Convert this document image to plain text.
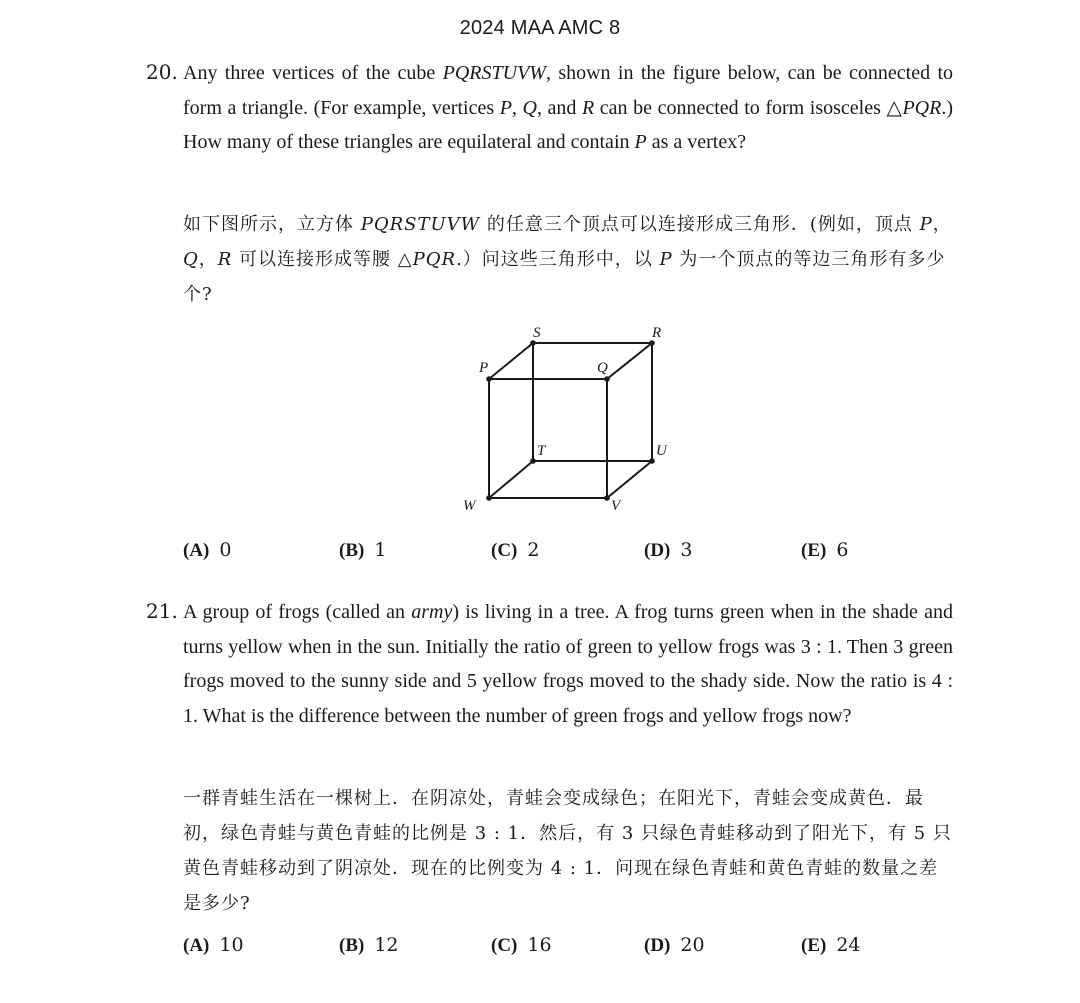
2024 MAA AMC 8
20. Any three vertices of the cube PQRSTUVW, shown in the figure below, can be connected to form a triangle. (For example, vertices P, Q, and R can be connected to form isosceles △PQR.) How many of these triangles are equilateral and contain P as a vertex?
如下图所示，立方体 PQRSTUVW 的任意三个顶点可以连接形成三角形．(例如，顶点 P，Q，R 可以连接形成等腰 △PQR.）问这些三角形中，以 P 为一个顶点的等边三角形有多少个?
S	R
P	Q
T	U
W	V
(A) 0	(B) 1	(C) 2	(D) 3	(E) 6
21. A group of frogs (called an army) is living in a tree. A frog turns green when in the shade and turns yellow when in the sun. Initially the ratio of green to yellow frogs was 3 : 1. Then 3 green frogs moved to the sunny side and 5 yellow frogs moved to the shady side. Now the ratio is 4 : 1. What is the difference between the number of green frogs and yellow frogs now?
一群青蛙生活在一棵树上．在阴凉处，青蛙会变成绿色；在阳光下，青蛙会变成黄色．最初，绿色青蛙与黄色青蛙的比例是 3 : 1．然后，有 3 只绿色青蛙移动到了阳光下，有 5 只黄色青蛙移动到了阴凉处．现在的比例变为 4 : 1．问现在绿色青蛙和黄色青蛙的数量之差是多少?
(A) 10	(B) 12	(C) 16	(D) 20	(E) 24
